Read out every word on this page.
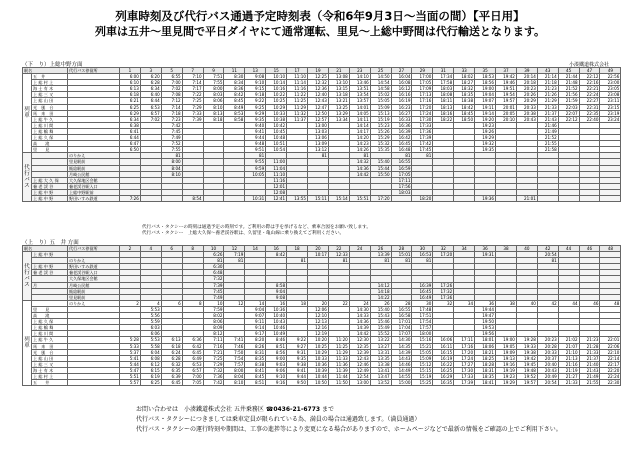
列車時刻及び代行バス通過予定時刻表（令和6年9月3日～当面の間）【平日用】
列車は五井～里見間で平日ダイヤにて通常運転、里見～上総中野間は代行輸送となります。
（下　り）上総中野方面	小湊鐵道株式会社
駅名		代行バス停留所	1	3	5	7	9	11	13	15	17	19	21	23	25	27	29	31	33	35	37	39	43	45	47	49
列車	五　井		6:00	6:20	6:55	7:10	7:51	8:30	9:08	10:10	11:10	12:25	13:08	14:10	14:50	16:04	17:00	17:34	18:02	18:53	19:42	20:14	21:14	21:44	22:12	22:56
	上 総 村 上		6:10	6:28	7:00	7:14	7:55	8:34	9:10	10:14	11:14	12:32	13:10	13:46	14:54	16:08	17:05	17:58	18:27	18:56	19:46	20:18	21:18	21:48	22:16	23:00
	海 士 有 木		6:13	6:34	7:02	7:17	8:00	8:36	9:15	10:16	11:16	12:36	13:15	13:51	14:58	16:12	17:09	18:03	18:32	19:00	19:51	20:23	21:23	21:52	22:21	23:05
	上 総 三 又		6:18	6:40	7:08	7:22	8:03	8:42	9:18	10:22	11:22	12:40	13:18	13:54	15:02	16:16	17:13	18:08	18:35	19:04	19:54	20:26	21:26	21:56	22:24	23:08
	上 総 山 田		6:21	6:44	7:12	7:25	8:06	8:45	9:22	10:25	11:25	12:43	13:21	13:57	15:05	16:19	17:16	18:11	18:38	19:07	19:57	20:29	21:29	21:59	22:27	23:11
	光　風　台		6:25	6:53	7:14	7:29	8:10	8:49	9:25	10:29	11:29	12:47	13:25	14:01	15:09	16:23	17:20	18:13	18:42	19:11	20:01	20:33	21:33	22:03	22:31	23:15
	馬　来　田		6:29	6:57	7:18	7:33	8:13	8:53	9:29	10:33	11:32	12:50	13:29	14:05	15:13	16:27	17:24	18:16	18:45	19:14	20:05	20:38	21:37	22:07	22:35	23:19
	上 総 牛 久		6:34	7:02	7:23	7:39	8:18	8:58	9:35	10:38	11:37	12:57	13:34	14:11	15:19	16:33	17:30	18:22	18:50	19:20	20:10	20:43	21:43	22:12	22:40	23:24
	上 総 川 間		6:38		7:42				9:40	10:42		13:00		14:14	15:23	16:36	17:33			19:23			21:46			
	上 総 鶴 舞		6:41		7:45				9:41	10:45		13:03		14:17	15:26	16:39	17:36			19:26			21:49			
	上 総 久 保		6:44		7:49				9:44	10:48		13:06		14:20	15:29	16:42	17:39			19:29			21:52			
	高　　滝		6:47		7:52				9:48	10:51		13:09		14:23	15:32	16:45	17:42			19:32			21:55			
	里　　見		6:50		7:55				9:51	10:54		13:12		14:26	15:35	16:48	17:45			19:35			21:58			
代行バス		のりかえ			81				81			81		81		81	81									
		里見駅前			8:00				9:55	11:00				14:32	15:40	16:55										
		飯給駅前			8:04				9:59	11:04				14:36	15:44	16:59										
		月崎公民館			8:10				10:05	11:10				14:42	15:50	17:05										
	上 総 大 久 保	大久保地区会館								11:16						17:11										
	養 老 渓 谷	養老渓谷駅入口								12:01						17:56										
	上 総 中 野	上総中野駅前								12:08						18:03										
	上 総 中 野	野田いすみ鉄道	7:26			8:54			10:31	12:41	13:55	15:11	15:14	15:51	17:20		18:20			19:36		21:01				
代行バス・タクシーの時刻は通過予定の時刻です。ご利用の際は手を挙げるなど、乗車合図をお願い致します。
代行バス・タクシー　上総大久保～養老渓谷駅は、久留里・亀山線に乗り換えてご利用ください。
（上　り）五　井 方面
駅名		代行バス停留所	2	4	6	8	10	12	14	16	18	20	22	24	26	28	30	32	34	36	38	40	42	44	46	48
代行バス	上 総 中 野						6:26	7:19		8:42		10:17	12:33		13:39	15:01	16:53	17:20		19:31			20:54			
		のりかえ					81	81			81		81		81	81	81						81			
	上 総 中 野	野田いすみ鉄道					6:30																			
	養 老 渓 谷	養老渓谷駅入口					6:48																			
		大久保地区会館					7:32																			
	月	月崎公民館					7:39			8:58					14:12		16:39	17:26								
		飯給駅前					7:45			9:04					14:18		16:45	17:32								
		里見駅前					7:49			9:08					14:22		16:49	17:36								
列車		のりかえ	2	4	6	8	10	12	14	16	18	20	22	24	26	28	30	32	34	36	38	40	42	44	46	48
	里　　見			5:53			7:59		9:04	10:36		12:06		14:30	15:40	16:55	17:48			19:44						
	高　　滝			5:56			8:02		9:07	10:40		12:10		14:33	15:43	16:58	17:51			19:47						
	上 総 久 保			5:59			8:06		9:11	10:43		12:13		14:36	15:46	17:01	17:54			19:50						
	上 総 鶴 舞			6:03			8:09		9:14	10:46		12:16		14:39	15:49	17:04	17:57			19:53						
	上 総 川 間			6:06			8:12		9:17	10:49		12:19		14:42	15:52	17:07	18:00			19:56						
	上 総 牛 久		5:28	5:53	6:13	6:36	7:11	7:41	8:20	8:46	9:22	10:20	11:20	12:30	13:22	14:30	15:16	16:06	17:11	18:01	19:00	19:28	20:23	21:02	21:23	22:01
	馬　来　田		5:33	5:58	6:18	6:42	7:16	7:46	8:26	8:51	9:27	10:25	11:25	12:35	13:27	14:35	15:21	16:11	17:16	18:06	19:05	19:33	20:28	21:07	21:28	22:06
	光　風　台		5:37	6:04	6:24	6:45	7:21	7:50	8:31	8:56	9:31	10:29	11:29	12:39	13:31	14:39	15:05	16:15	17:20	18:21	19:09	19:38	20:33	21:10	21:33	22:10
	上 総 山 田		5:41	6:08	6:28	6:49	7:25	7:54	8:35	9:00	9:35	10:33	11:33	12:43	13:35	14:43	15:09	16:19	17:24	18:25	19:13	19:42	20:37	21:13	21:37	22:14
	上 総 三 又		5:44	6:12	6:32	6:53	7:29	7:57	8:38	9:03	9:38	10:36	11:36	12:46	13:38	14:46	15:12	16:22	17:27	18:28	19:16	19:45	20:40	21:16	21:40	22:17
	海 士 有 木		5:47	6:15	6:35	6:57	7:32	8:00	8:41	9:06	9:41	10:39	11:39	12:49	13:41	14:49	15:15	16:25	17:30	18:31	19:19	19:48	20:43	21:19	21:43	22:20
	上 総 村 上		5:51	6:19	6:39	7:00	7:36	8:04	8:45	9:10	9:44	10:44	11:44	12:54	13:47	14:55	15:19	16:29	17:33	18:35	19:23	19:52	20:49	21:27	21:49	22:24
	五　　井		5:57	6:25	6:45	7:05	7:42	8:10	8:51	9:16	9:50	10:50	11:50	13:00	13:52	15:00	15:25	16:35	17:39	18:41	19:29	19:57	20:54	21:33	21:55	22:30
お問い合わせは　小湊鐵道株式会社 五井乗務区 ☎0436-21-6773 まで
代行バス・タクシーにつきましては乗車定員が限られている為、満員の場合は通過致します。（満員通過）
代行バス・タクシーの運行時刻や期間は、工事の進捗等により変更になる場合がありますので、ホームページなどで最新の情報をご確認の上でご利用下さい。
